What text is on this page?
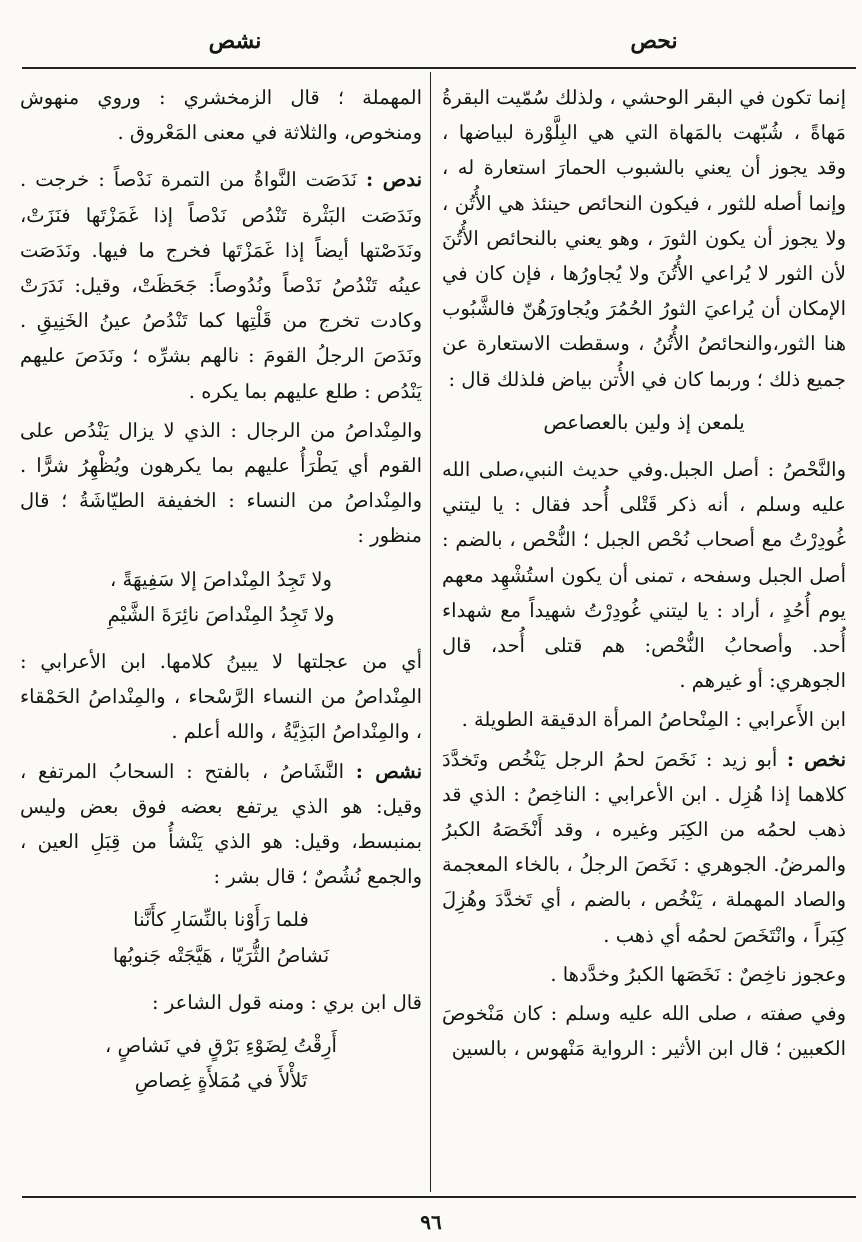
نحص
نشص

إنما تكون في البقر الوحشي ، ولذلك سُمّيت البقرةُ مَهاةً ، شُبّهت بالمَهاة التي هي البِلَّوْرة لبياضها ، وقد يجوز أن يعني بالشبوب الحمارَ استعارة له ، وإنما أصله للثور ، فيكون النحائص حينئذ هي الأُتُن ، ولا يجوز أن يكون الثورَ ، وهو يعني بالنحائص الأُتُنَ لأن الثور لا يُراعي الأُتُنَ ولا يُجاورُها ، فإن كان في الإمكان أن يُراعيَ الثورُ الحُمُرَ ويُجاورَهُنّ فالشَّبُوب هنا الثور،والنحائصُ الأُتُنُ ، وسقطت الاستعارة عن جميع ذلك ؛ وربما كان في الأُتن بياض فلذلك قال :

يلمعن إذ ولين بالعصاعص

والنَّحْصُ : أصل الجبل.وفي حديث النبي،صلى الله عليه وسلم ، أنه ذكر قَتْلى أُحد فقال : يا ليتني غُودِرْتُ مع أصحاب نُحْص الجبل ؛ النُّحْص ، بالضم : أصل الجبل وسفحه ، تمنى أن يكون استُشْهِد معهم يوم أُحُدٍ ، أراد : يا ليتني غُودِرْتُ شهيداً مع شهداء أُحد. وأصحابُ النُّحْص: هم قتلى أُحد، قال الجوهري: أو غيرهم .

ابن الأَعرابي : المِنْحاصُ المرأة الدقيقة الطويلة .

نخص : أبو زيد : نَخَصَ لحمُ الرجل يَنْخُص وتَخدَّدَ كلاهما إذا هُزِل . ابن الأعرابي : الناخِصُ : الذي قد ذهب لحمُه من الكِبَر وغيره ، وقد أَنْخَصَهُ الكبرُ والمرضُ. الجوهري : نَخَصَ الرجلُ ، بالخاء المعجمة والصاد المهملة ، يَنْخُص ، بالضم ، أي تَخدَّدَ وهُزِلَ كِبَراً ، وانْتَخَصَ لحمُه أي ذهب .

وعجوز ناخِصٌ : نَخَصَها الكبرُ وخدَّدها .

وفي صفته ، صلى الله عليه وسلم : كان مَنْخوصَ الكعبين ؛ قال ابن الأثير : الرواية مَنْهوس ، بالسين

المهملة ؛ قال الزمخشري : وروي منهوش ومنخوص، والثلاثة في معنى المَعْروق .

ندص : نَدَصَت النَّواةُ من التمرة نَدْصاً : خرجت . ونَدَصَت البَثْرة تَنْدُص نَدْصاً إذا غَمَزْتَها فنَزَتْ، ونَدَصْتها أيضاً إذا غَمَزْتَها فخرج ما فيها. ونَدَصَت عينُه تَنْدُصُ نَدْصاً ونُدُوصاً: جَحَظَتْ، وقيل: نَدَرَتْ وكادت تخرج من قَلْتِها كما تَنْدُصُ عينُ الخَنِيقِ . ونَدَصَ الرجلُ القومَ : نالهم بشرِّه ؛ ونَدَصَ عليهم يَنْدُص : طلع عليهم بما يكره .

والمِنْداصُ من الرجال : الذي لا يزال يَنْدُص على القوم أي يَطْرَأُ عليهم بما يكرهون ويُظْهِرُ شرًّا . والمِنْداصُ من النساء : الخفيفة الطيّاشَةُ ؛ قال منظور :

ولا تَجِدُ المِنْداصَ إلا سَفِيهَةً ،
ولا تَجِدُ المِنْداصَ نائِرَةَ الشَّيْمِ

أي من عجلتها لا يبينُ كلامها. ابن الأعرابي : المِنْداصُ من النساء الرَّسْحاء ، والمِنْداصُ الحَمْقاء ، والمِنْداصُ البَذِيَّةُ ، والله أعلم .

نشص : النَّشَاصُ ، بالفتح : السحابُ المرتفع ، وقيل: هو الذي يرتفع بعضه فوق بعض وليس بمنبسط، وقيل: هو الذي يَنْشأُ من قِبَلِ العين ، والجمع نُشُصٌ ؛ قال بشر :

فلما رَأَوْنا بالنِّسَارِ كأَنَّنا
نَشاصُ الثُّرَيّا ، هَيَّجَتْه جَنوبُها

قال ابن بري : ومنه قول الشاعر :

أَرِقْتُ لِضَوْءِ بَرْقٍ في نَشاصٍ ،
تَلأْلأَ في مُمَلأَةٍ غِصاصِ
٩٦
